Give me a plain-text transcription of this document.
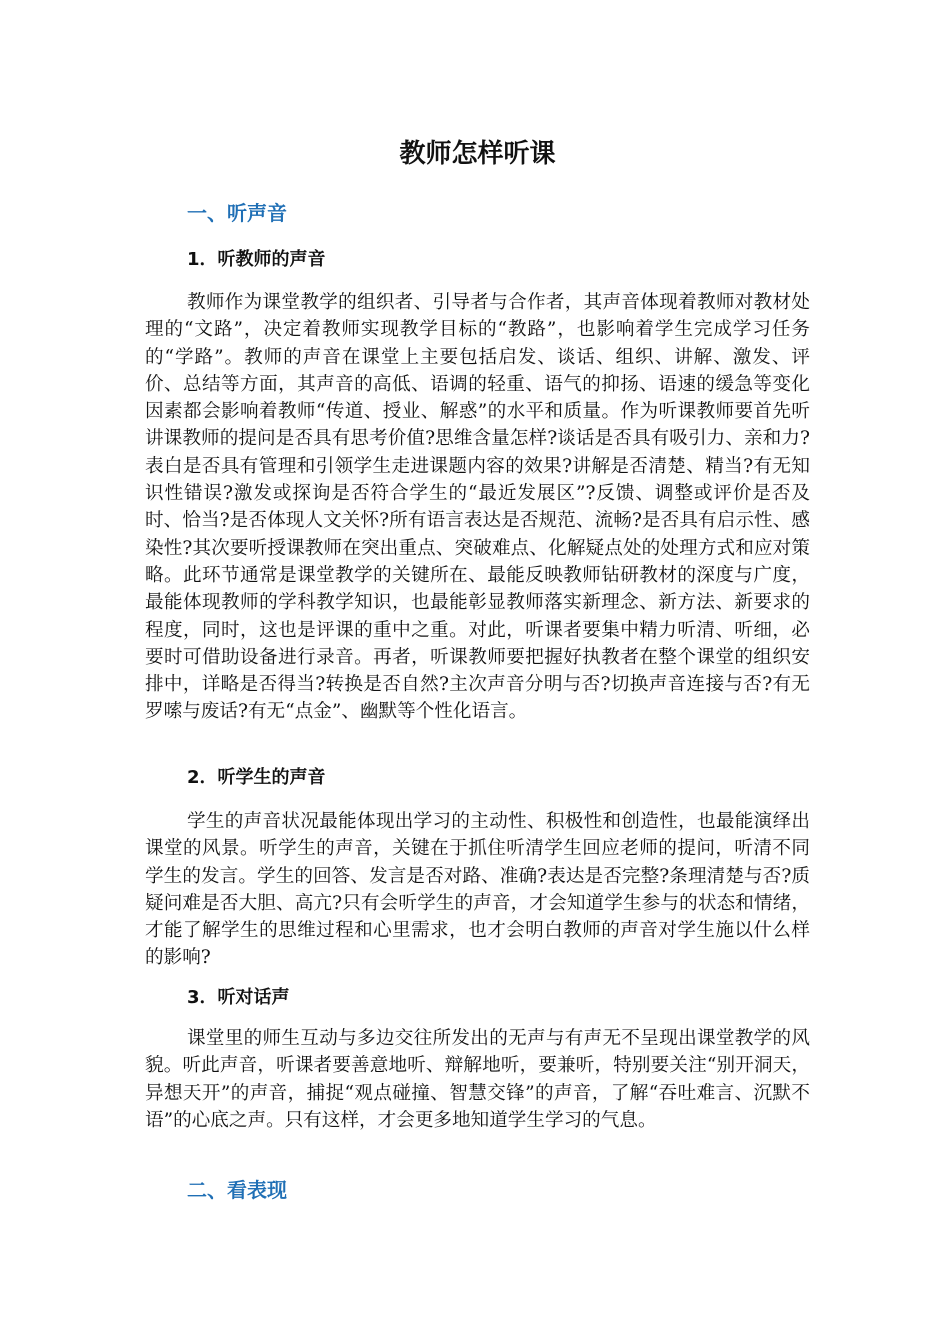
教师怎样听课
一、听声音
1．听教师的声音

教师作为课堂教学的组织者、引导者与合作者，其声音体现着教师对教材处理的“文路”，决定着教师实现教学目标的“教路”，也影响着学生完成学习任务的“学路”。教师的声音在课堂上主要包括启发、谈话、组织、讲解、激发、评价、总结等方面，其声音的高低、语调的轻重、语气的抑扬、语速的缓急等变化因素都会影响着教师“传道、授业、解惑”的水平和质量。作为听课教师要首先听讲课教师的提问是否具有思考价值?思维含量怎样?谈话是否具有吸引力、亲和力?表白是否具有管理和引领学生走进课题内容的效果?讲解是否清楚、精当?有无知识性错误?激发或探询是否符合学生的“最近发展区”?反馈、调整或评价是否及时、恰当?是否体现人文关怀?所有语言表达是否规范、流畅?是否具有启示性、感染性?其次要听授课教师在突出重点、突破难点、化解疑点处的处理方式和应对策略。此环节通常是课堂教学的关键所在、最能反映教师钻研教材的深度与广度，最能体现教师的学科教学知识，也最能彰显教师落实新理念、新方法、新要求的程度，同时，这也是评课的重中之重。对此，听课者要集中精力听清、听细，必要时可借助设备进行录音。再者，听课教师要把握好执教者在整个课堂的组织安排中，详略是否得当?转换是否自然?主次声音分明与否?切换声音连接与否?有无罗嗦与废话?有无“点金”、幽默等个性化语言。

2．听学生的声音

学生的声音状况最能体现出学习的主动性、积极性和创造性，也最能演绎出课堂的风景。听学生的声音，关键在于抓住听清学生回应老师的提问，听清不同学生的发言。学生的回答、发言是否对路、准确?表达是否完整?条理清楚与否?质疑问难是否大胆、高亢?只有会听学生的声音，才会知道学生参与的状态和情绪，才能了解学生的思维过程和心里需求，也才会明白教师的声音对学生施以什么样的影响?

3．听对话声

课堂里的师生互动与多边交往所发出的无声与有声无不呈现出课堂教学的风貌。听此声音，听课者要善意地听、辩解地听，要兼听，特别要关注“别开洞天，异想天开”的声音，捕捉“观点碰撞、智慧交锋”的声音，了解“吞吐难言、沉默不语”的心底之声。只有这样，才会更多地知道学生学习的气息。

二、看表现
